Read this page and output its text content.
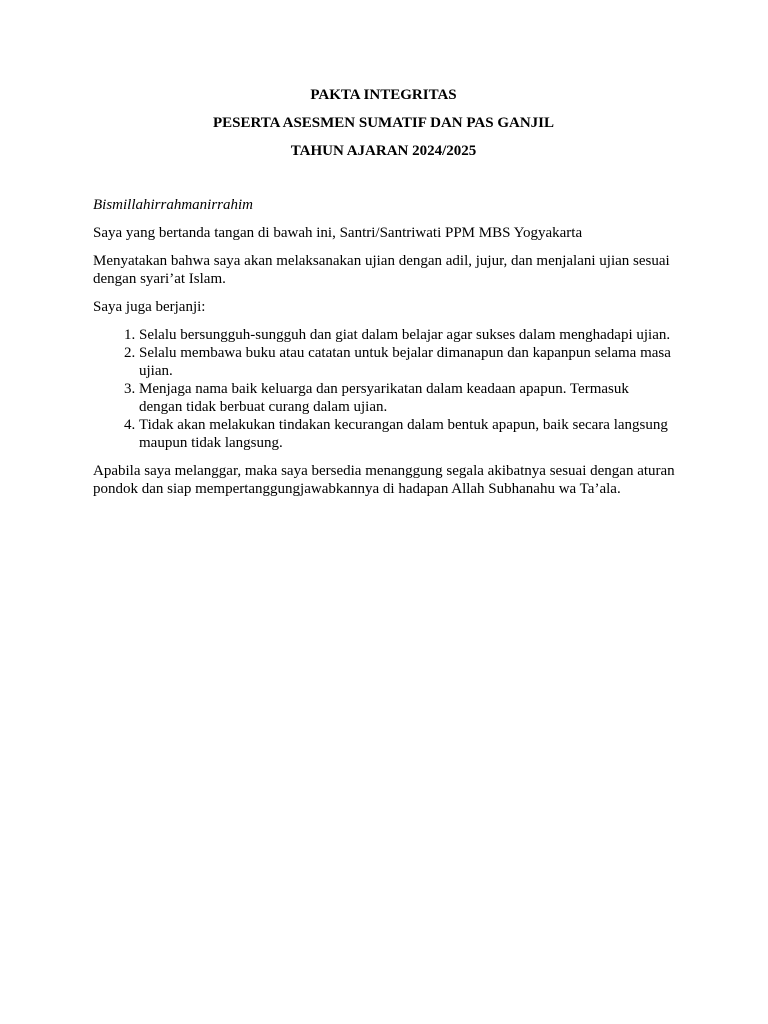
PAKTA INTEGRITAS
PESERTA ASESMEN SUMATIF DAN PAS GANJIL
TAHUN AJARAN 2024/2025

Bismillahirrahmanirrahim

Saya yang bertanda tangan di bawah ini, Santri/Santriwati PPM MBS Yogyakarta

Menyatakan bahwa saya akan melaksanakan ujian dengan adil, jujur, dan menjalani ujian sesuai dengan syari’at Islam.

Saya juga berjanji:

1. Selalu bersungguh-sungguh dan giat dalam belajar agar sukses dalam menghadapi ujian.
2. Selalu membawa buku atau catatan untuk bejalar dimanapun dan kapanpun selama masa ujian.
3. Menjaga nama baik keluarga dan persyarikatan dalam keadaan apapun. Termasuk dengan tidak berbuat curang dalam ujian.
4. Tidak akan melakukan tindakan kecurangan dalam bentuk apapun, baik secara langsung maupun tidak langsung.

Apabila saya melanggar, maka saya bersedia menanggung segala akibatnya sesuai dengan aturan pondok dan siap mempertanggungjawabkannya di hadapan Allah Subhanahu wa Ta’ala.
